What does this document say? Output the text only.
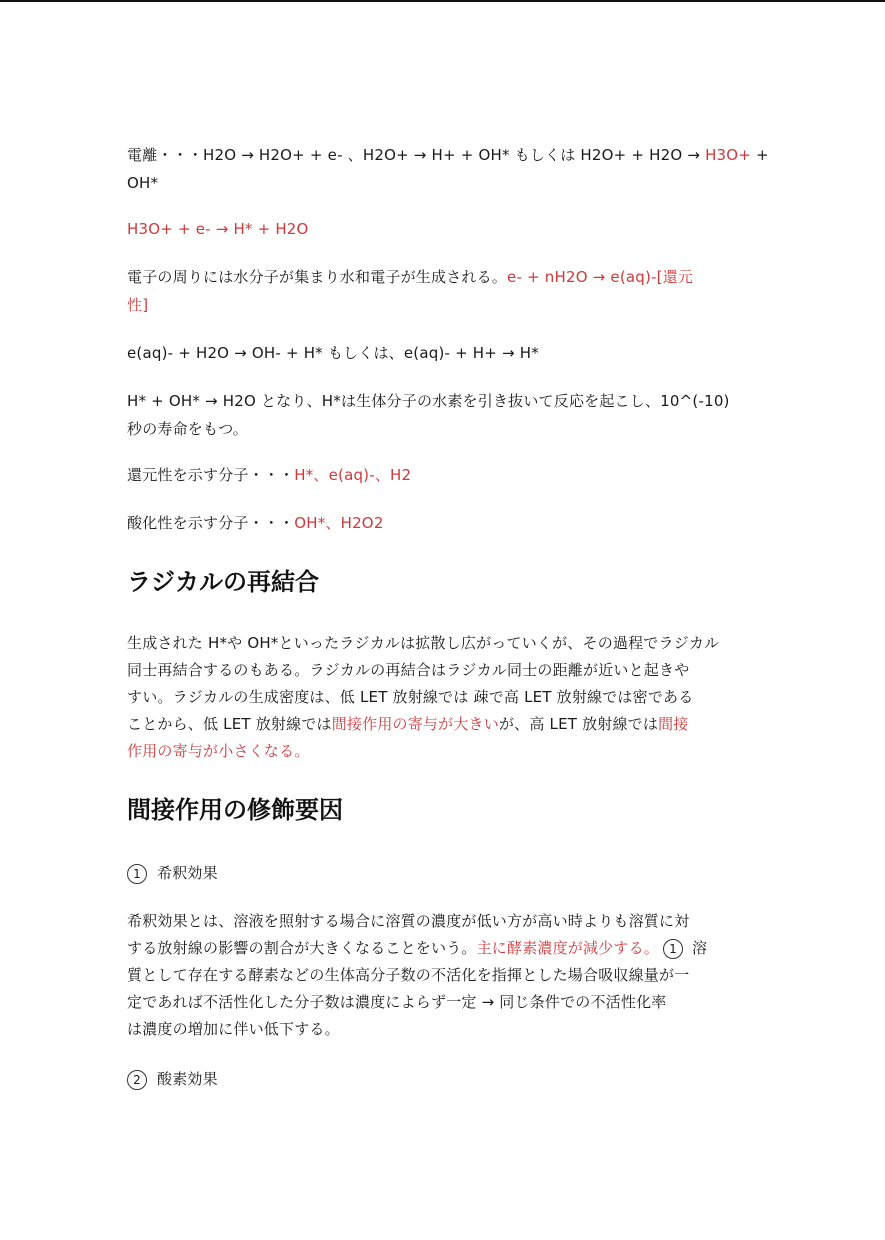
電離・・・H2O → H2O+ + e- 、H2O+ → H+ + OH* もしくは H2O+ + H2O → H3O+ +
OH*
H3O+ + e- → H* + H2O
電子の周りには水分子が集まり水和電子が生成される。e- + nH2O → e(aq)-[還元
性]
e(aq)- + H2O → OH- + H* もしくは、e(aq)- + H+ → H*
H* + OH* → H2O となり、H*は生体分子の水素を引き抜いて反応を起こし、10^(-10)
秒の寿命をもつ。
還元性を示す分子・・・H*、e(aq)-、H2
酸化性を示す分子・・・OH*、H2O2
ラジカルの再結合
生成された H*や OH*といったラジカルは拡散し広がっていくが、その過程でラジカル
同士再結合するのもある。ラジカルの再結合はラジカル同士の距離が近いと起きや
すい。ラジカルの生成密度は、低 LET 放射線では 疎で高 LET 放射線では密である
ことから、低 LET 放射線では間接作用の寄与が大きいが、高 LET 放射線では間接
作用の寄与が小さくなる。
間接作用の修飾要因
1 希釈効果
希釈効果とは、溶液を照射する場合に溶質の濃度が低い方が高い時よりも溶質に対
する放射線の影響の割合が大きくなることをいう。主に酵素濃度が減少する。 1 溶
質として存在する酵素などの生体高分子数の不活化を指揮とした場合吸収線量が一
定であれば不活性化した分子数は濃度によらず一定 → 同じ条件での不活性化率
は濃度の増加に伴い低下する。
2 酸素効果
